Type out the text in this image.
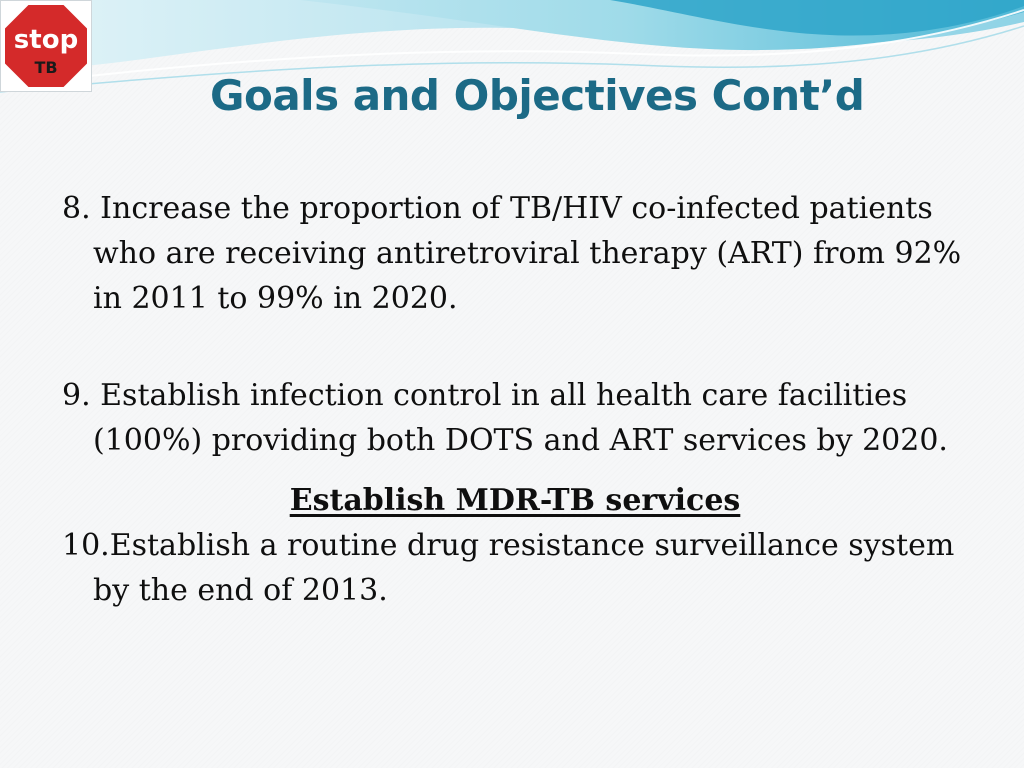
stop
TB
Goals and Objectives Cont’d

8. Increase the proportion of TB/HIV co-infected patients who are receiving antiretroviral therapy (ART) from 92% in 2011 to 99% in 2020.

9. Establish infection control in all health care facilities (100%) providing both DOTS and ART services by 2020.

Establish MDR-TB services

10.Establish a routine drug resistance surveillance system by the end of 2013.
